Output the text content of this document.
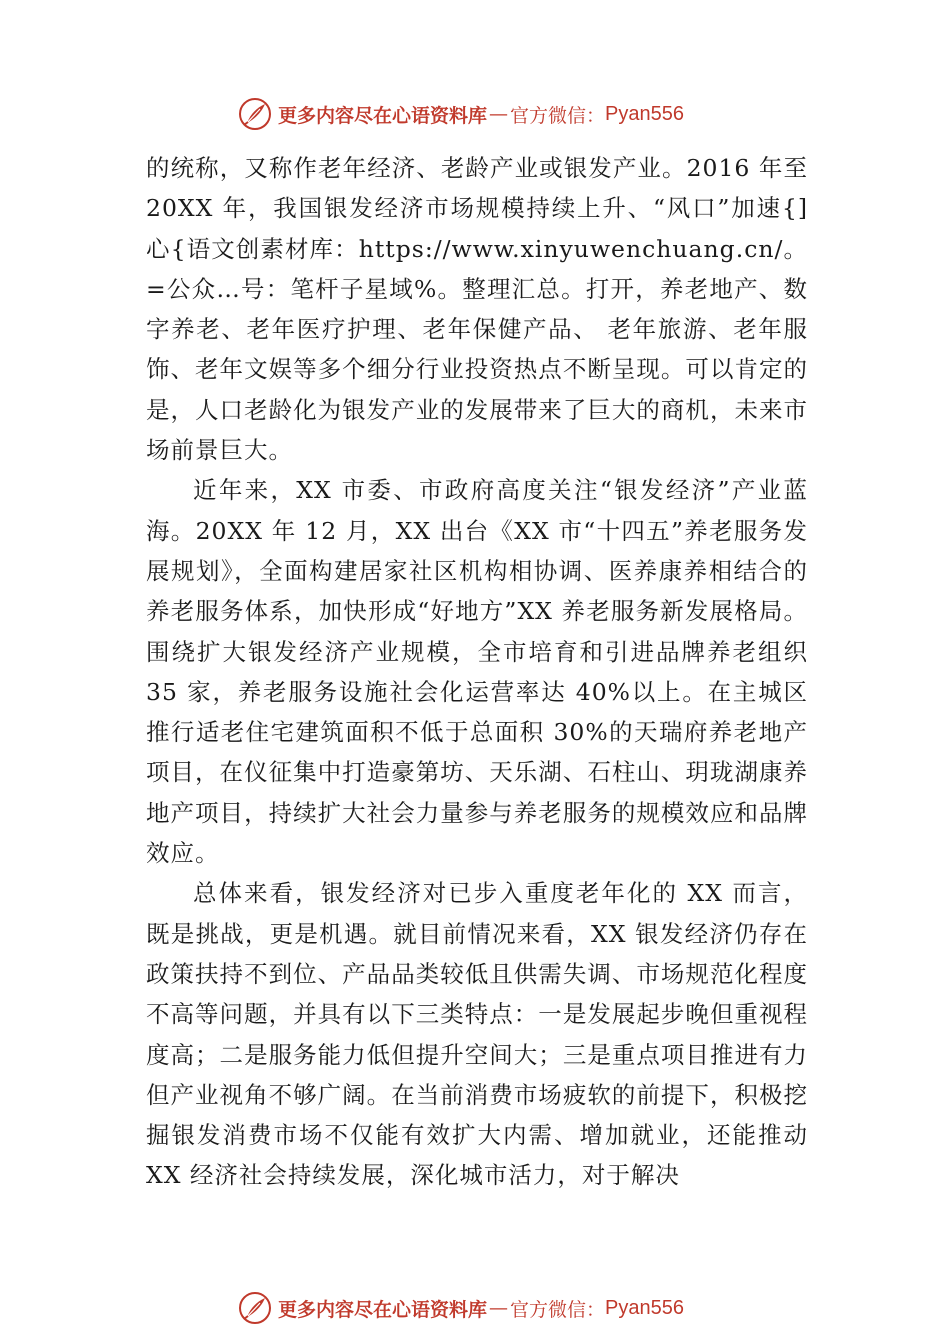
更多内容尽在心语资料库 — 官方微信： Pyan556

的统称，又称作老年经济、老龄产业或银发产业。2016 年至20XX 年，我国银发经济市场规模持续上升、“风口”加速{]心{语文创素材库：https://www.xinyuwenchuang.cn/。=公众…号：笔杆子星域%。整理汇总。打开，养老地产、数字养老、老年医疗护理、老年保健产品、 老年旅游、老年服饰、老年文娱等多个细分行业投资热点不断呈现。可以肯定的是，人口老龄化为银发产业的发展带来了巨大的商机，未来市场前景巨大。

近年来，XX 市委、市政府高度关注“银发经济”产业蓝海。20XX 年 12 月，XX 出台《XX 市“十四五”养老服务发展规划》，全面构建居家社区机构相协调、医养康养相结合的养老服务体系，加快形成“好地方”XX 养老服务新发展格局。围绕扩大银发经济产业规模，全市培育和引进品牌养老组织 35 家，养老服务设施社会化运营率达 40%以上。在主城区推行适老住宅建筑面积不低于总面积 30%的天瑞府养老地产项目，在仪征集中打造豪第坊、天乐湖、石柱山、玥珑湖康养地产项目，持续扩大社会力量参与养老服务的规模效应和品牌效应。

总体来看，银发经济对已步入重度老年化的 XX 而言，既是挑战，更是机遇。就目前情况来看，XX 银发经济仍存在政策扶持不到位、产品品类较低且供需失调、市场规范化程度不高等问题，并具有以下三类特点：一是发展起步晚但重视程度高；二是服务能力低但提升空间大；三是重点项目推进有力但产业视角不够广阔。在当前消费市场疲软的前提下，积极挖掘银发消费市场不仅能有效扩大内需、增加就业，还能推动 XX 经济社会持续发展，深化城市活力，对于解决

更多内容尽在心语资料库 — 官方微信： Pyan556
